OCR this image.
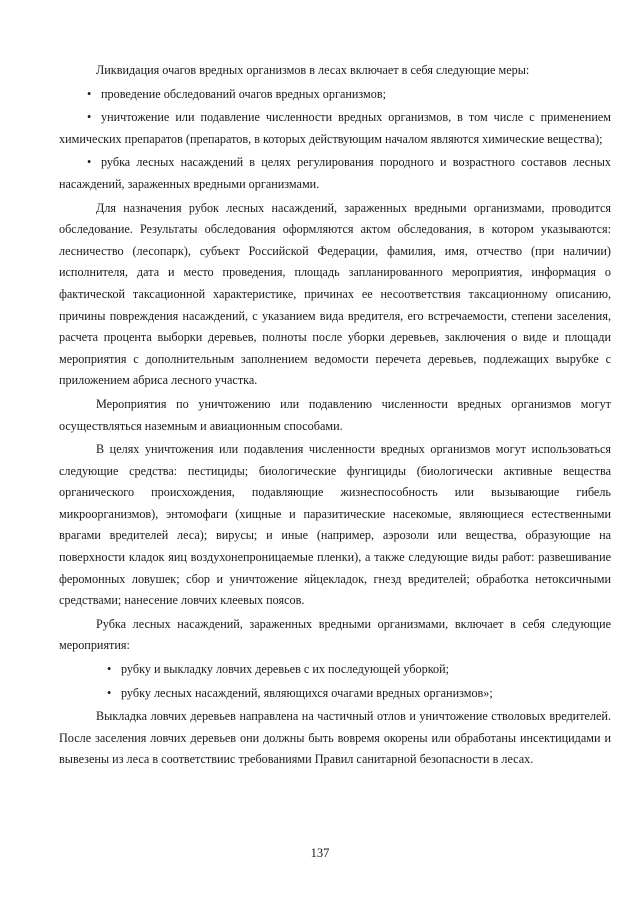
Ликвидация очагов вредных организмов в лесах включает в себя следующие меры:

• проведение обследований очагов вредных организмов;

• уничтожение или подавление численности вредных организмов, в том числе с применением химических препаратов (препаратов, в которых действующим началом являются химические вещества);

• рубка лесных насаждений в целях регулирования породного и возрастного составов лесных насаждений, зараженных вредными организмами.

Для назначения рубок лесных насаждений, зараженных вредными организмами, проводится обследование. Результаты обследования оформляются актом обследования, в котором указываются: лесничество (лесопарк), субъект Российской Федерации, фамилия, имя, отчество (при наличии) исполнителя, дата и место проведения, площадь запланированного мероприятия, информация о фактической таксационной характеристике, причинах ее несоответствия таксационному описанию, причины повреждения насаждений, с указанием вида вредителя, его встречаемости, степени заселения, расчета процента выборки деревьев, полноты после уборки деревьев, заключения о виде и площади мероприятия с дополнительным заполнением ведомости перечета деревьев, подлежащих вырубке с приложением абриса лесного участка.

Мероприятия по уничтожению или подавлению численности вредных организмов могут осуществляться наземным и авиационным способами.

В целях уничтожения или подавления численности вредных организмов могут использоваться следующие средства: пестициды; биологические фунгициды (биологически активные вещества органического происхождения, подавляющие жизнеспособность или вызывающие гибель микроорганизмов), энтомофаги (хищные и паразитические насекомые, являющиеся естественными врагами вредителей леса); вирусы; и иные (например, аэрозоли или вещества, образующие на поверхности кладок яиц воздухонепроницаемые пленки), а также следующие виды работ: развешивание феромонных ловушек; сбор и уничтожение яйцекладок, гнезд вредителей; обработка нетоксичными средствами; нанесение ловчих клеевых поясов.

Рубка лесных насаждений, зараженных вредными организмами, включает в себя следующие мероприятия:

• рубку и выкладку ловчих деревьев с их последующей уборкой;

• рубку лесных насаждений, являющихся очагами вредных организмов»;

Выкладка ловчих деревьев направлена на частичный отлов и уничтожение стволовых вредителей. После заселения ловчих деревьев они должны быть вовремя окорены или обработаны инсектицидами и вывезены из леса в соответствиис требованиями Правил санитарной безопасности в лесах.

137
